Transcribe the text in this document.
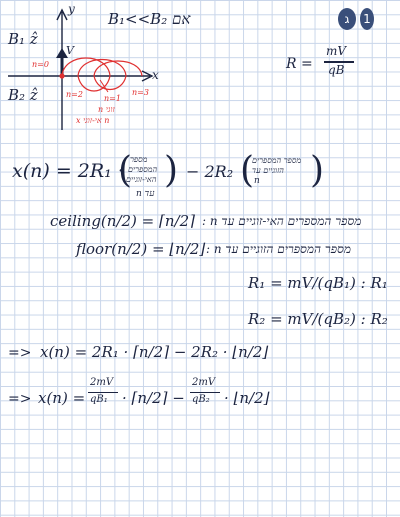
B₁<<B₂ אם	ג	1
B₁ ẑ
B₂ ẑ
y
x
V
n=0
n=1
n=2	n=3
זוגי n
x אי-זוגי n
R =
mV
qB
x(n) = 2R₁ ·
(
מספר
המספרים
האי-זוגיים )
n עד
− 2R₂ (
מספר המספרים
הזוגיים עד
n )
ceiling(n/2) = ⌈n/2⌉ מספר המספרים האי-זוגיים עד n :
floor(n/2) = ⌊n/2⌋ מספר המספרים הזוגיים עד n :
R₁ = mV/(qB₁) : R₁
R₂ = mV/(qB₂) : R₂
=> x(n) = 2R₁ · ⌈n/2⌉ − 2R₂ · ⌊n/2⌋
=> x(n) =
2mV
qB₁ · ⌈n/2⌉ −
2mV
qB₂ · ⌊n/2⌋
